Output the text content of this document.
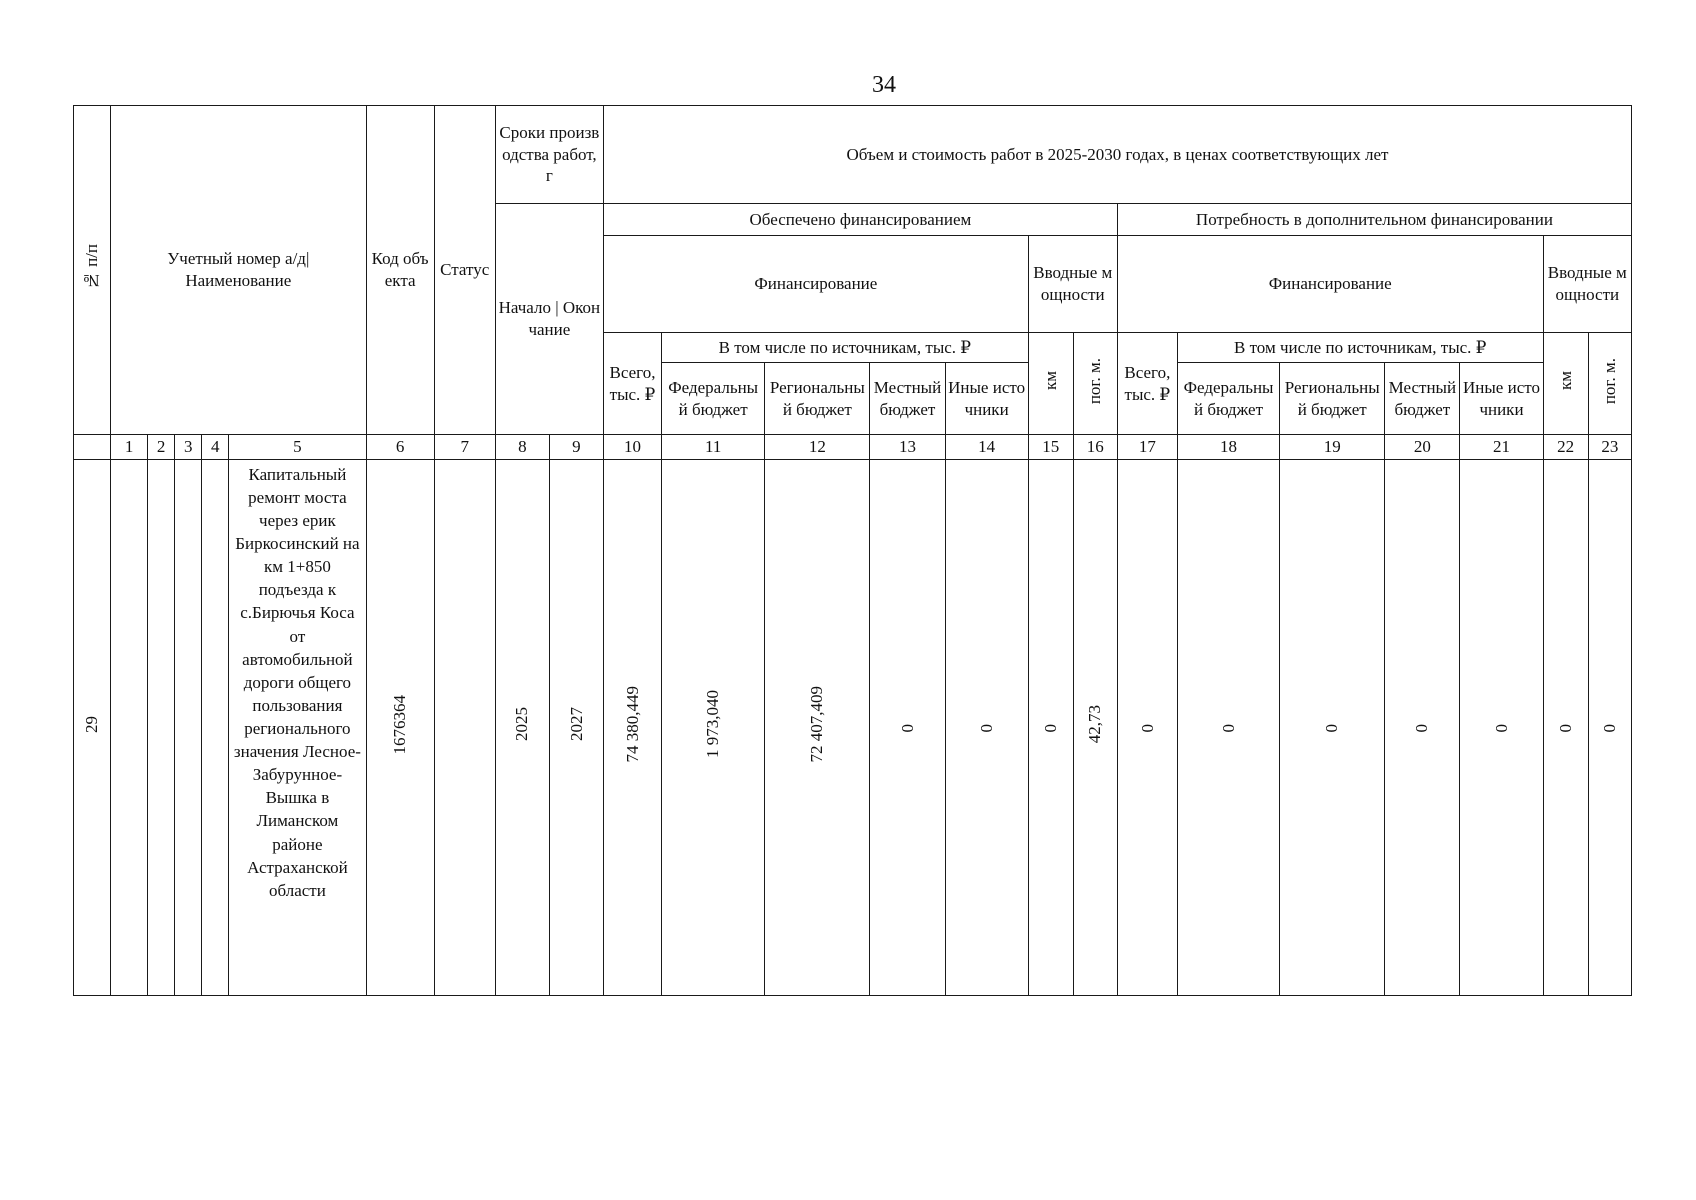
34
№ п/п	Учетный номер а/д| Наименование					Код объекта	Статус	Сроки производства работ, г		Объем и стоимость работ в 2025-2030 годах, в ценах соответствующих лет													
								Начало | Окончание		Обеспечено финансированием							Потребность в дополнительном финансировании						
										Финансирование					Вводные мощности		Финансирование					Вводные мощности	
										Всего, тыс. ₽	В том числе по источникам, тыс. ₽				км	пог. м.	Всего, тыс. ₽	В том числе по источникам, тыс. ₽				км	пог. м.
											Федеральный бюджет	Региональный бюджет	Местный бюджет	Иные источники				Федеральный бюджет	Региональный бюджет	Местный бюджет	Иные источники		
	1	2	3	4	5	6	7	8	9	10	11	12	13	14	15	16	17	18	19	20	21	22	23
29					Капитальный ремонт моста через ерик Биркосинский на км 1+850 подъезда к с.Бирючья Коса от автомобильной дороги общего пользования регионального значения Лесное-Забурунное-Вышка в Лиманском районе Астраханской области	1676364		2025	2027	74 380,449	1 973,040	72 407,409	0	0	0	42,73	0	0	0	0	0	0	0
